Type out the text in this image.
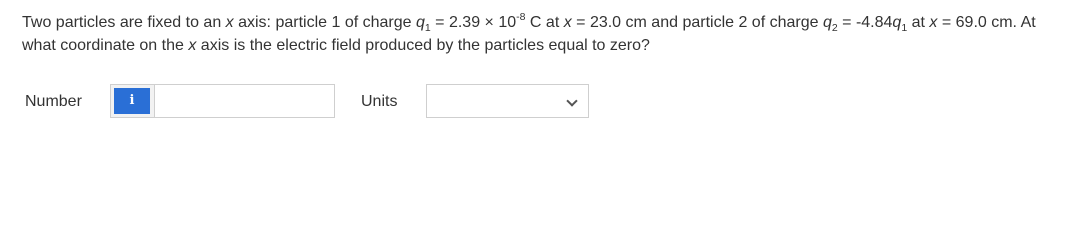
Two particles are fixed to an x axis: particle 1 of charge $q_1 = 2.39 \times 10^{-8}$ C at x = 23.0 cm and particle 2 of charge $q_2 = -4.84q_1$ at x = 69.0 cm. At what coordinate on the x axis is the electric field produced by the particles equal to zero?
Number	i	Units
